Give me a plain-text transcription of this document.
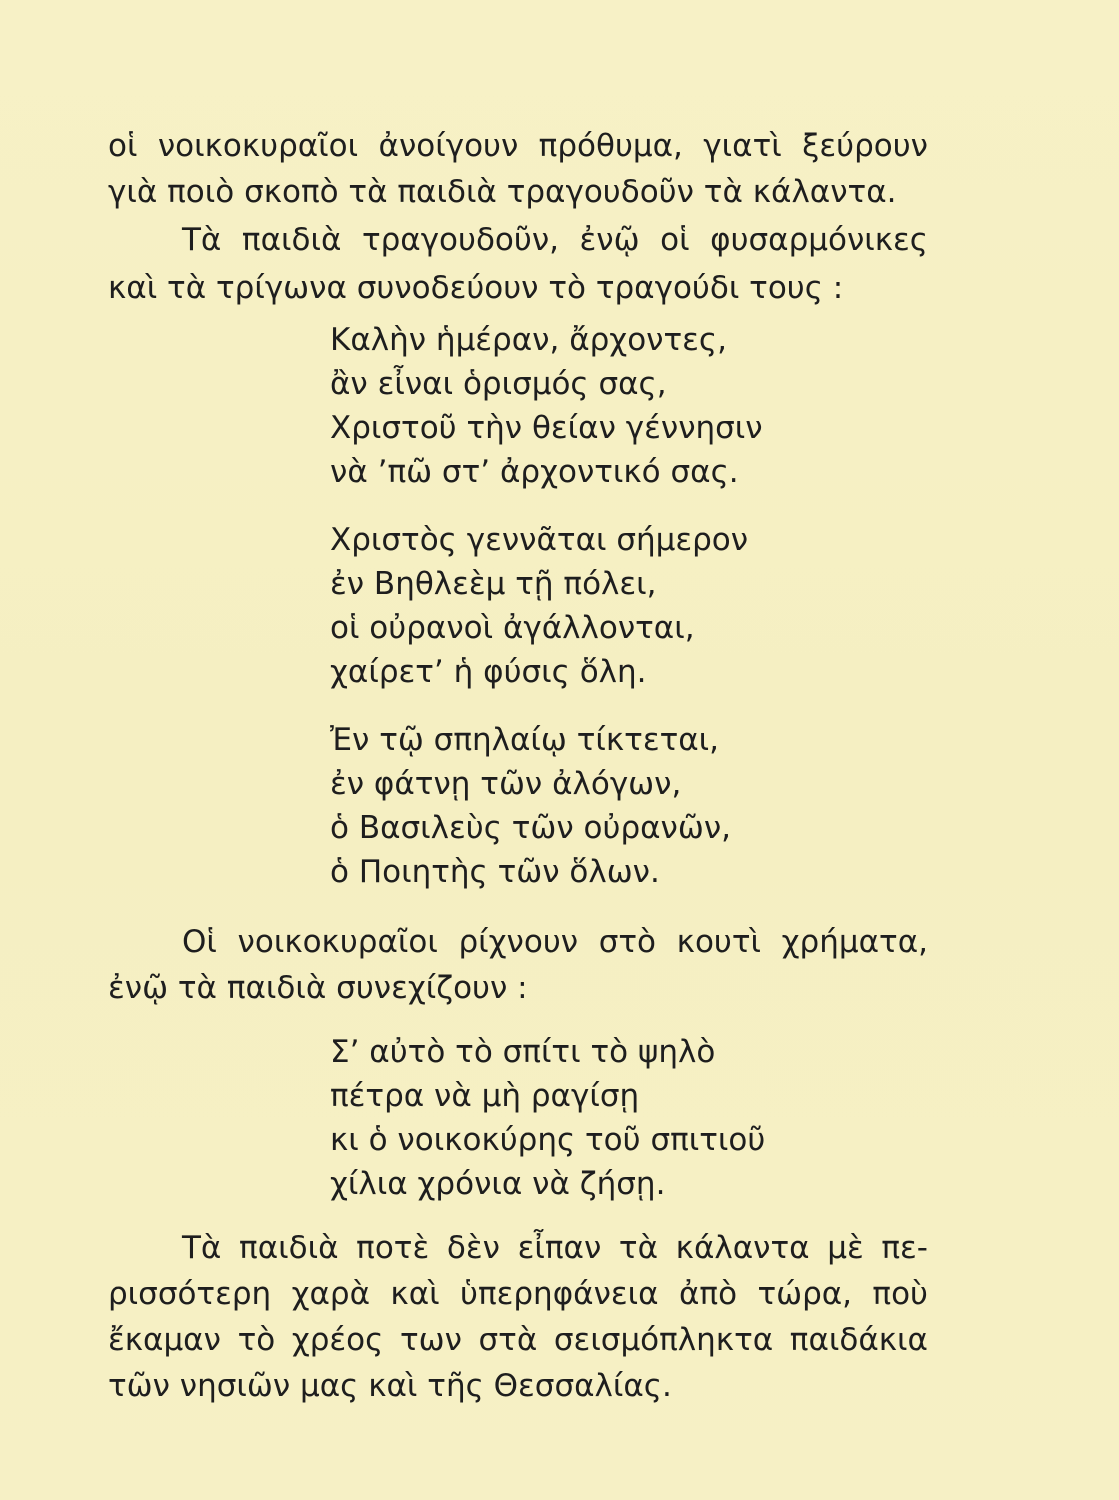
οἱ νοικοκυραῖοι ἀνοίγουν πρόθυμα, γιατὶ ξεύρουν
γιὰ ποιὸ σκοπὸ τὰ παιδιὰ τραγουδοῦν τὰ κάλαντα.
Τὰ παιδιὰ τραγουδοῦν, ἐνῷ οἱ φυσαρμόνικες
καὶ τὰ τρίγωνα συνοδεύουν τὸ τραγούδι τους :
Καλὴν ἡμέραν, ἄρχοντες,
ἂν εἶναι ὁρισμός σας,
Χριστοῦ τὴν θείαν γέννησιν
νὰ ’πῶ στ’ ἀρχοντικό σας.
Χριστὸς γεννᾶται σήμερον
ἐν Βηθλεὲμ τῇ πόλει,
οἱ οὐρανοὶ ἀγάλλονται,
χαίρετ’ ἡ φύσις ὅλη.
Ἐν τῷ σπηλαίῳ τίκτεται,
ἐν φάτνῃ τῶν ἀλόγων,
ὁ Βασιλεὺς τῶν οὐρανῶν,
ὁ Ποιητὴς τῶν ὅλων.
Οἱ νοικοκυραῖοι ρίχνουν στὸ κουτὶ χρήματα,
ἐνῷ τὰ παιδιὰ συνεχίζουν :
Σ’ αὐτὸ τὸ σπίτι τὸ ψηλὸ
πέτρα νὰ μὴ ραγίσῃ
κι ὁ νοικοκύρης τοῦ σπιτιοῦ
χίλια χρόνια νὰ ζήσῃ.
Τὰ παιδιὰ ποτὲ δὲν εἶπαν τὰ κάλαντα μὲ πε-
ρισσότερη χαρὰ καὶ ὑπερηφάνεια ἀπὸ τώρα, ποὺ
ἔκαμαν τὸ χρέος των στὰ σεισμόπληκτα παιδάκια
τῶν νησιῶν μας καὶ τῆς Θεσσαλίας.
